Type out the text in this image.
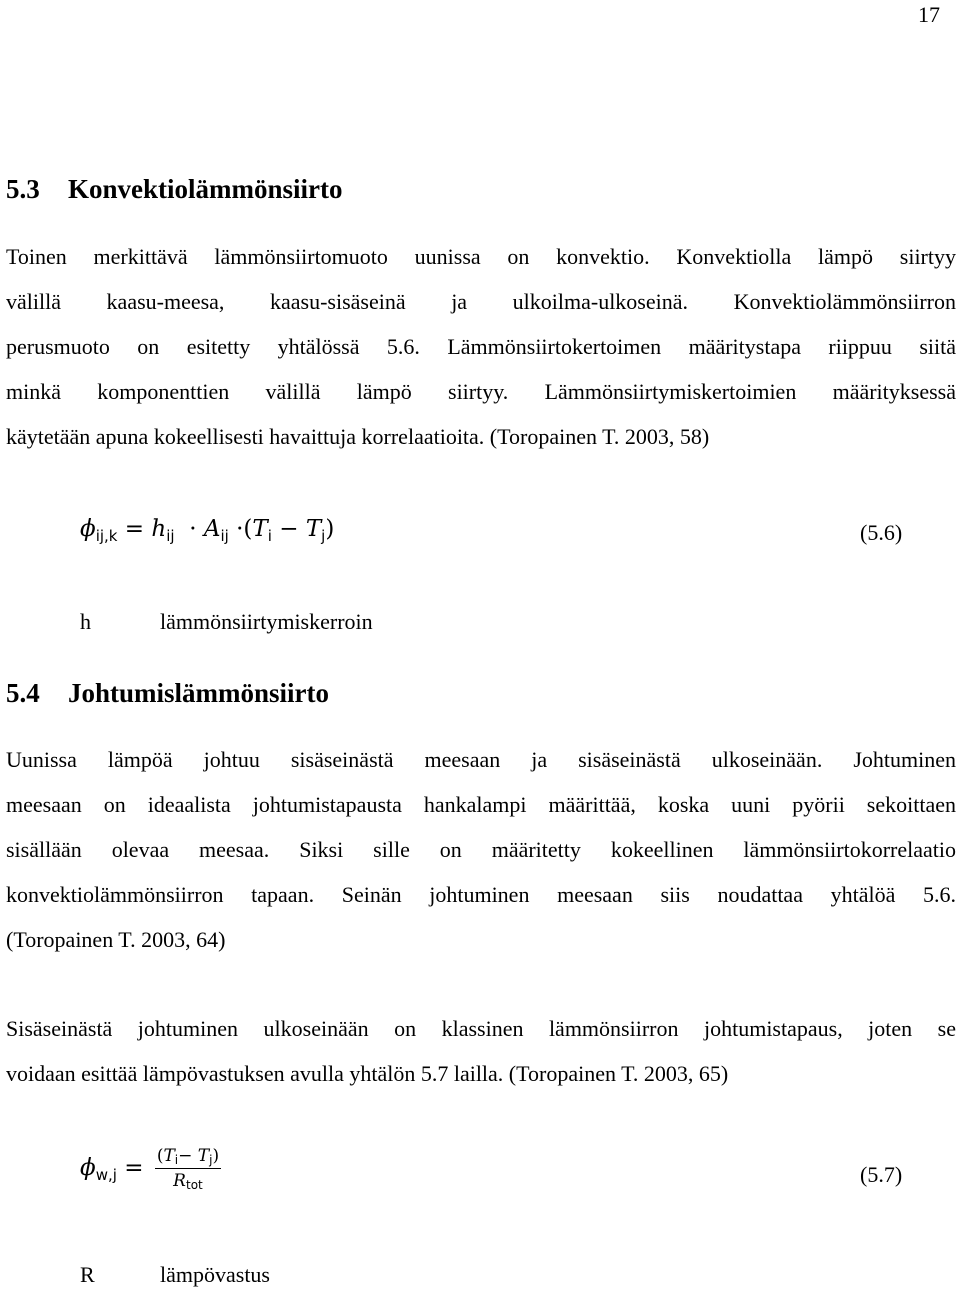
17
5.3 Konvektiolämmönsiirto
Toinen merkittävä lämmönsiirtomuoto uunissa on konvektio. Konvektiolla lämpö siirtyy
välillä kaasu-meesa, kaasu-sisäseinä ja ulkoilma-ulkoseinä. Konvektiolämmönsiirron
perusmuoto on esitetty yhtälössä 5.6. Lämmönsiirtokertoimen määritystapa riippuu siitä
minkä komponenttien välillä lämpö siirtyy. Lämmönsiirtymiskertoimien määrityksessä
käytetään apuna kokeellisesti havaittuja korrelaatioita. (Toropainen T. 2003, 58)
$\phi_{ij,k} = h_{ij} \cdot A_{ij} \cdot(T_i - T_j)$	(5.6)
h	lämmönsiirtymiskerroin
5.4 Johtumislämmönsiirto
Uunissa lämpöä johtuu sisäseinästä meesaan ja sisäseinästä ulkoseinään. Johtuminen
meesaan on ideaalista johtumistapausta hankalampi määrittää, koska uuni pyörii sekoittaen
sisällään olevaa meesaa. Siksi sille on määritetty kokeellinen lämmönsiirtokorrelaatio
konvektiolämmönsiirron tapaan. Seinän johtuminen meesaan siis noudattaa yhtälöä 5.6.
(Toropainen T. 2003, 64)
Sisäseinästä johtuminen ulkoseinään on klassinen lämmönsiirron johtumistapaus, joten se
voidaan esittää lämpövastuksen avulla yhtälön 5.7 lailla. (Toropainen T. 2003, 65)
$\phi_{w,j} = \frac{(T_i- T_j)}{R_{tot}}$	(5.7)
R	lämpövastus
